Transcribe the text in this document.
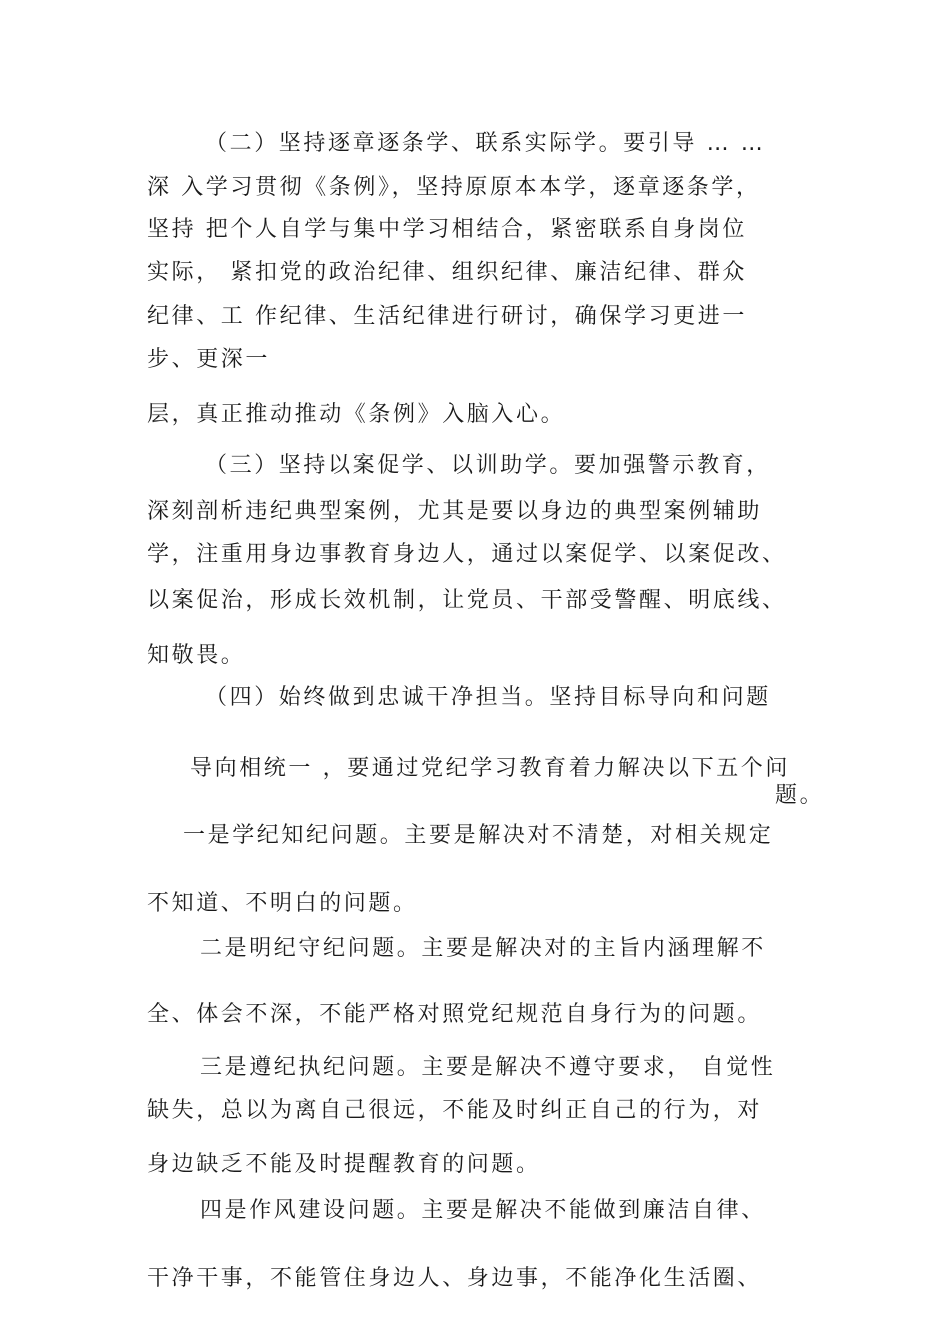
（二）坚持逐章逐条学、联系实际学。要引导 … …
深 入学习贯彻《条例》，坚持原原本本学，逐章逐条学，
坚持 把个人自学与集中学习相结合，紧密联系自身岗位
实际， 紧扣党的政治纪律、组织纪律、廉洁纪律、群众
纪律、工 作纪律、生活纪律进行研讨，确保学习更进一
步、更深一
层，真正推动推动《条例》入脑入心。
（三）坚持以案促学、以训助学。要加强警示教育，
深刻剖析违纪典型案例，尤其是要以身边的典型案例辅助
学，注重用身边事教育身边人，通过以案促学、以案促改、
以案促治，形成长效机制，让党员、干部受警醒、明底线、
知敬畏。
（四）始终做到忠诚干净担当。坚持目标导向和问题
导向相统一 ，要通过党纪学习教育着力解决以下五个问
题。
一是学纪知纪问题。主要是解决对不清楚，对相关规定
不知道、不明白的问题。
二是明纪守纪问题。主要是解决对的主旨内涵理解不
全、体会不深，不能严格对照党纪规范自身行为的问题。
三是遵纪执纪问题。主要是解决不遵守要求， 自觉性
缺失，总以为离自己很远，不能及时纠正自己的行为，对
身边缺乏不能及时提醒教育的问题。
四是作风建设问题。主要是解决不能做到廉洁自律、
干净干事，不能管住身边人、身边事，不能净化生活圈、
